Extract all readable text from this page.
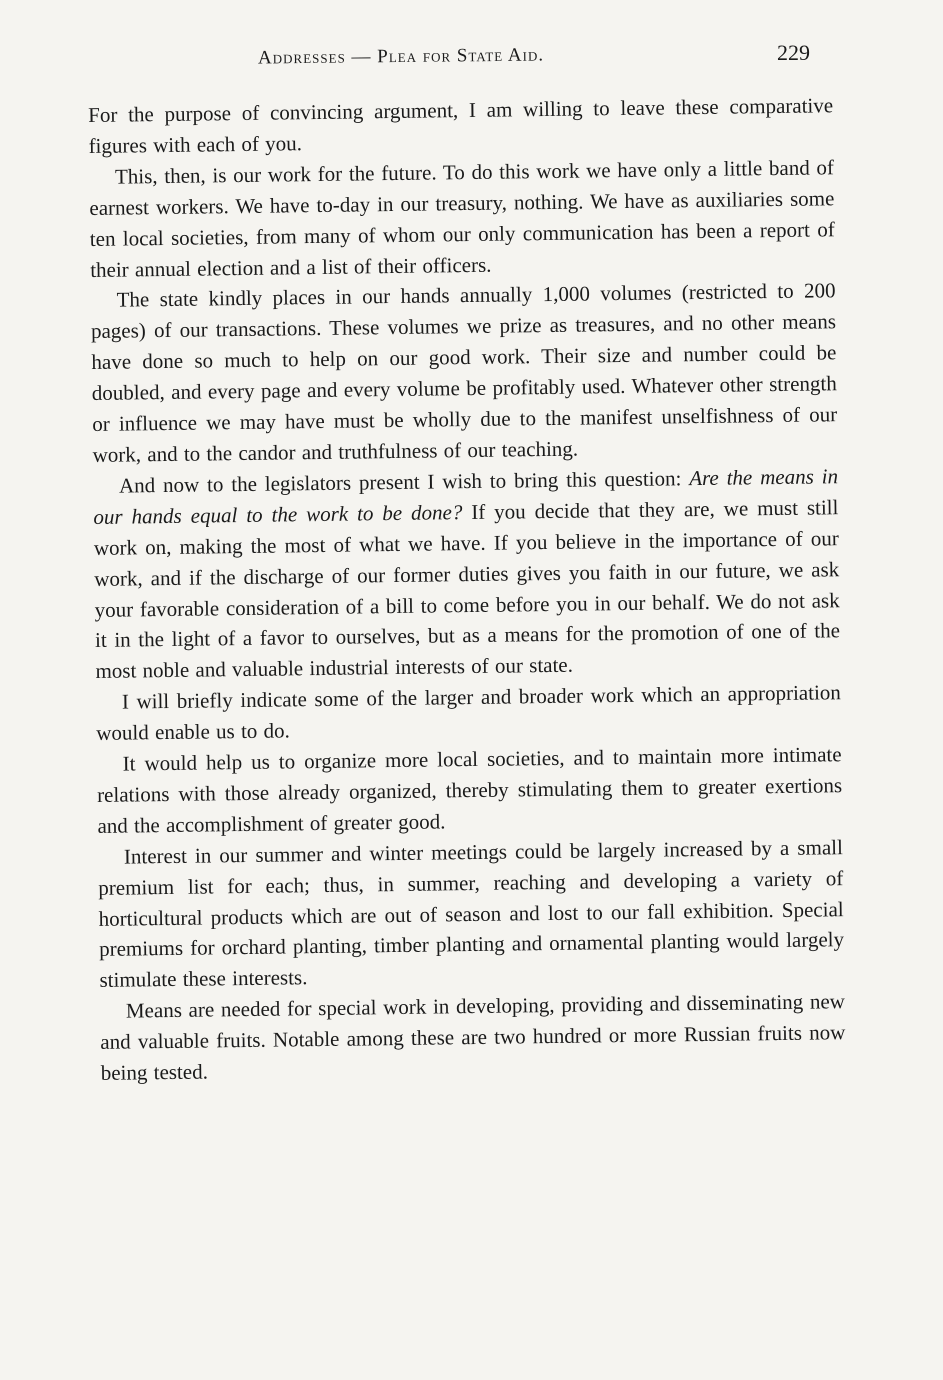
Addresses — Plea for State Aid.	229

For the purpose of convincing argument, I am willing to leave these comparative figures with each of you.

This, then, is our work for the future. To do this work we have only a little band of earnest workers. We have to-day in our treasury, nothing. We have as auxiliaries some ten local societies, from many of whom our only communication has been a report of their annual election and a list of their officers.

The state kindly places in our hands annually 1,000 volumes (restricted to 200 pages) of our transactions. These volumes we prize as treasures, and no other means have done so much to help on our good work. Their size and number could be doubled, and every page and every volume be profitably used. Whatever other strength or influence we may have must be wholly due to the manifest unselfishness of our work, and to the candor and truthfulness of our teaching.

And now to the legislators present I wish to bring this question: Are the means in our hands equal to the work to be done? If you decide that they are, we must still work on, making the most of what we have. If you believe in the importance of our work, and if the discharge of our former duties gives you faith in our future, we ask your favorable consideration of a bill to come before you in our behalf. We do not ask it in the light of a favor to ourselves, but as a means for the promotion of one of the most noble and valuable industrial interests of our state.

I will briefly indicate some of the larger and broader work which an appropriation would enable us to do.

It would help us to organize more local societies, and to maintain more intimate relations with those already organized, thereby stimulating them to greater exertions and the accomplishment of greater good.

Interest in our summer and winter meetings could be largely increased by a small premium list for each; thus, in summer, reaching and developing a variety of horticultural products which are out of season and lost to our fall exhibition. Special premiums for orchard planting, timber planting and ornamental planting would largely stimulate these interests.

Means are needed for special work in developing, providing and disseminating new and valuable fruits. Notable among these are two hundred or more Russian fruits now being tested.
